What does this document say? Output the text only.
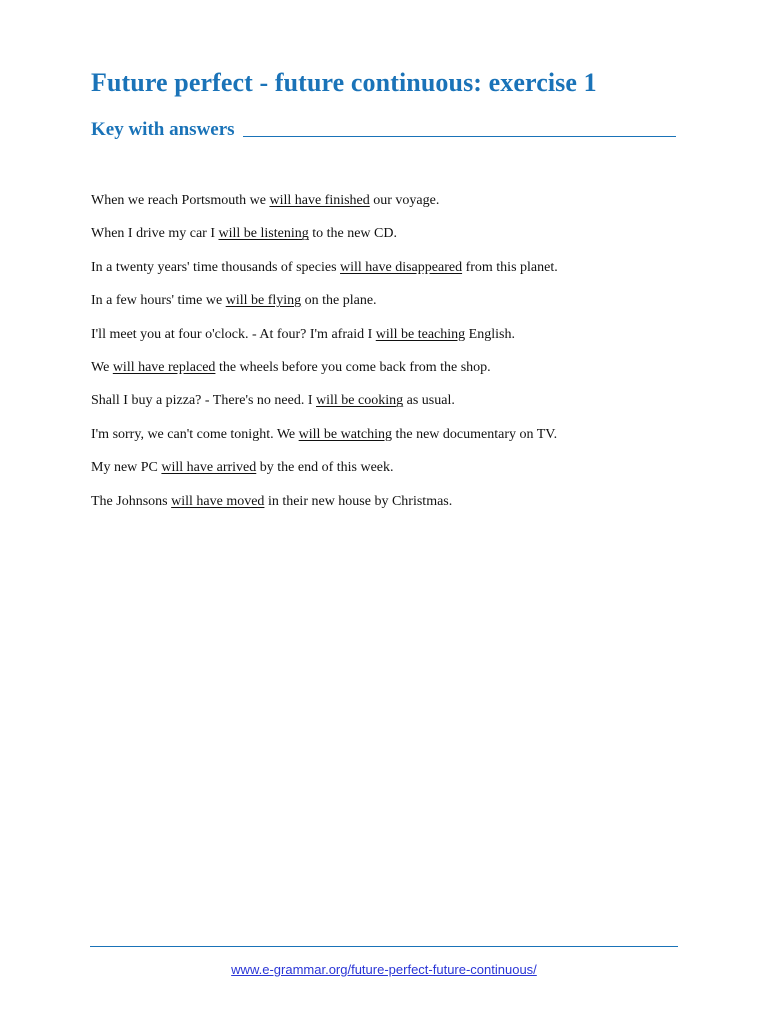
Future perfect - future continuous: exercise 1
Key with answers
When we reach Portsmouth we will have finished our voyage.
When I drive my car I will be listening to the new CD.
In a twenty years' time thousands of species will have disappeared from this planet.
In a few hours' time we will be flying on the plane.
I'll meet you at four o'clock. - At four? I'm afraid I will be teaching English.
We will have replaced the wheels before you come back from the shop.
Shall I buy a pizza? - There's no need. I will be cooking as usual.
I'm sorry, we can't come tonight. We will be watching the new documentary on TV.
My new PC will have arrived by the end of this week.
The Johnsons will have moved in their new house by Christmas.
www.e-grammar.org/future-perfect-future-continuous/
